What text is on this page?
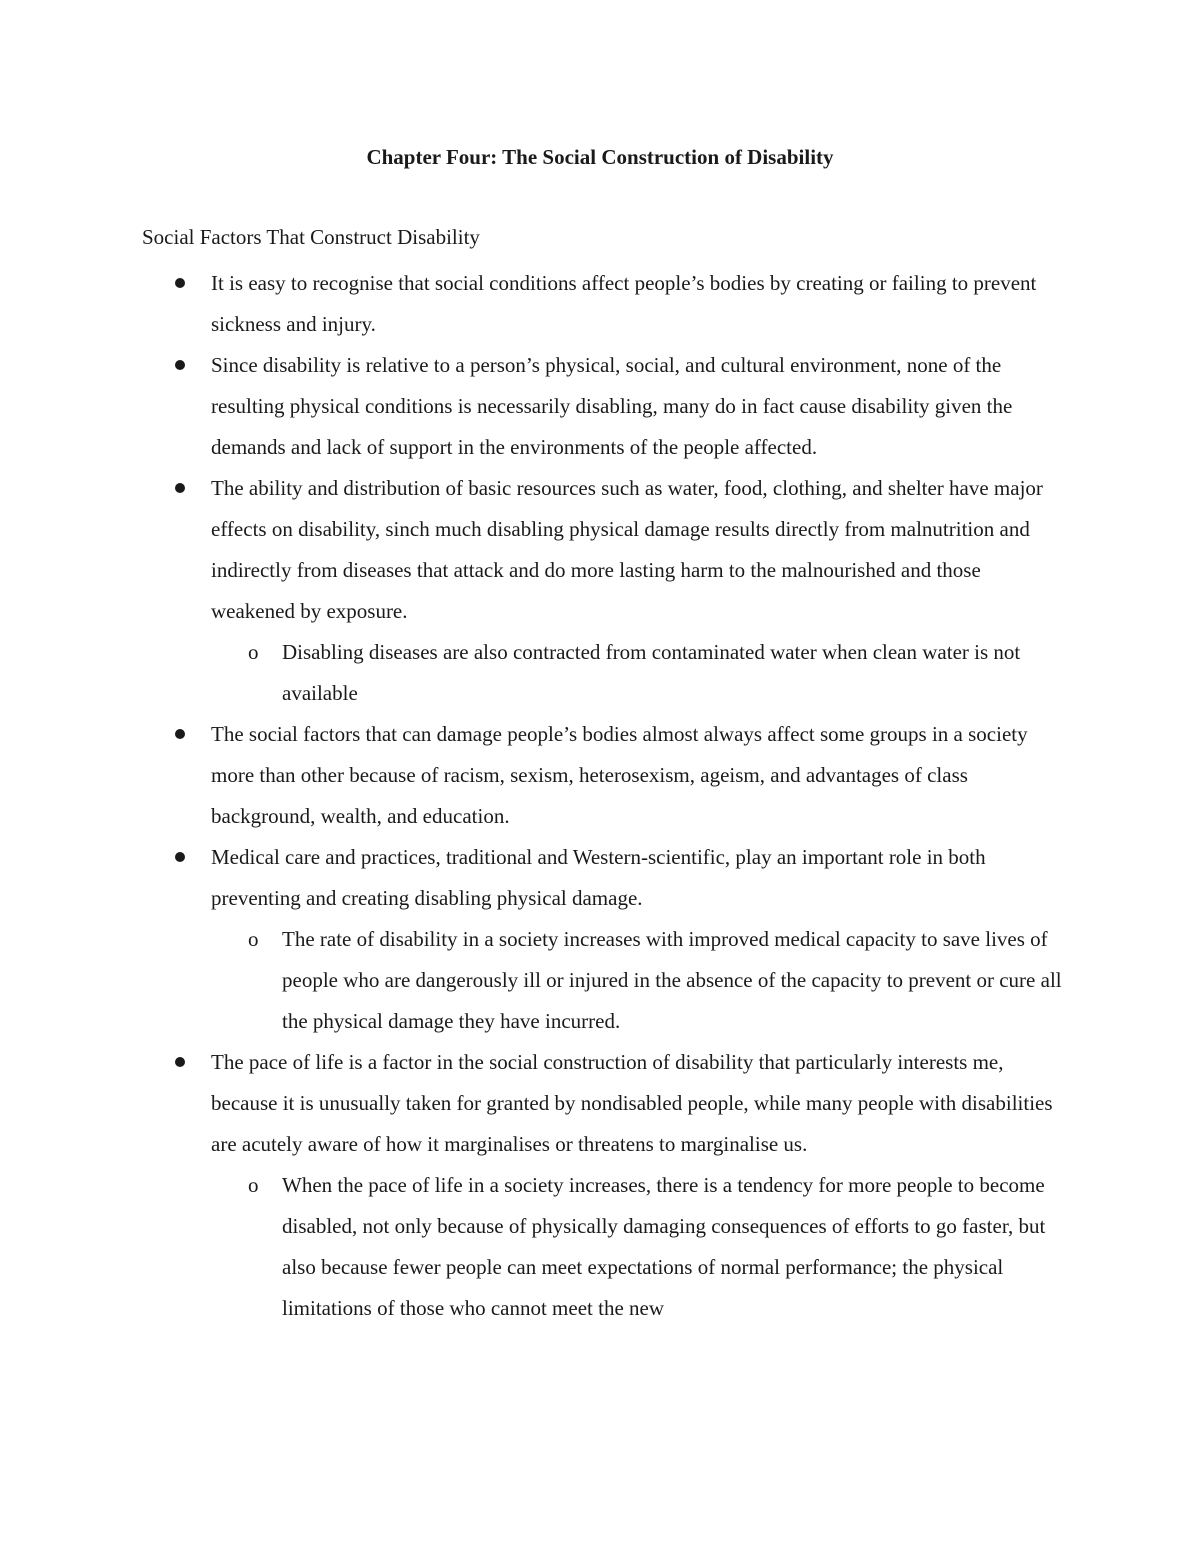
Chapter Four: The Social Construction of Disability
Social Factors That Construct Disability

It is easy to recognise that social conditions affect people’s bodies by creating or failing to prevent sickness and injury.

Since disability is relative to a person’s physical, social, and cultural environment, none of the resulting physical conditions is necessarily disabling, many do in fact cause disability given the demands and lack of support in the environments of the people affected.

The ability and distribution of basic resources such as water, food, clothing, and shelter have major effects on disability, sinch much disabling physical damage results directly from malnutrition and indirectly from diseases that attack and do more lasting harm to the malnourished and those weakened by exposure.

o Disabling diseases are also contracted from contaminated water when clean water is not available

The social factors that can damage people’s bodies almost always affect some groups in a society more than other because of racism, sexism, heterosexism, ageism, and advantages of class background, wealth, and education.

Medical care and practices, traditional and Western-scientific, play an important role in both preventing and creating disabling physical damage.

o The rate of disability in a society increases with improved medical capacity to save lives of people who are dangerously ill or injured in the absence of the capacity to prevent or cure all the physical damage they have incurred.

The pace of life is a factor in the social construction of disability that particularly interests me, because it is unusually taken for granted by nondisabled people, while many people with disabilities are acutely aware of how it marginalises or threatens to marginalise us.

o When the pace of life in a society increases, there is a tendency for more people to become disabled, not only because of physically damaging consequences of efforts to go faster, but also because fewer people can meet expectations of normal performance; the physical limitations of those who cannot meet the new
